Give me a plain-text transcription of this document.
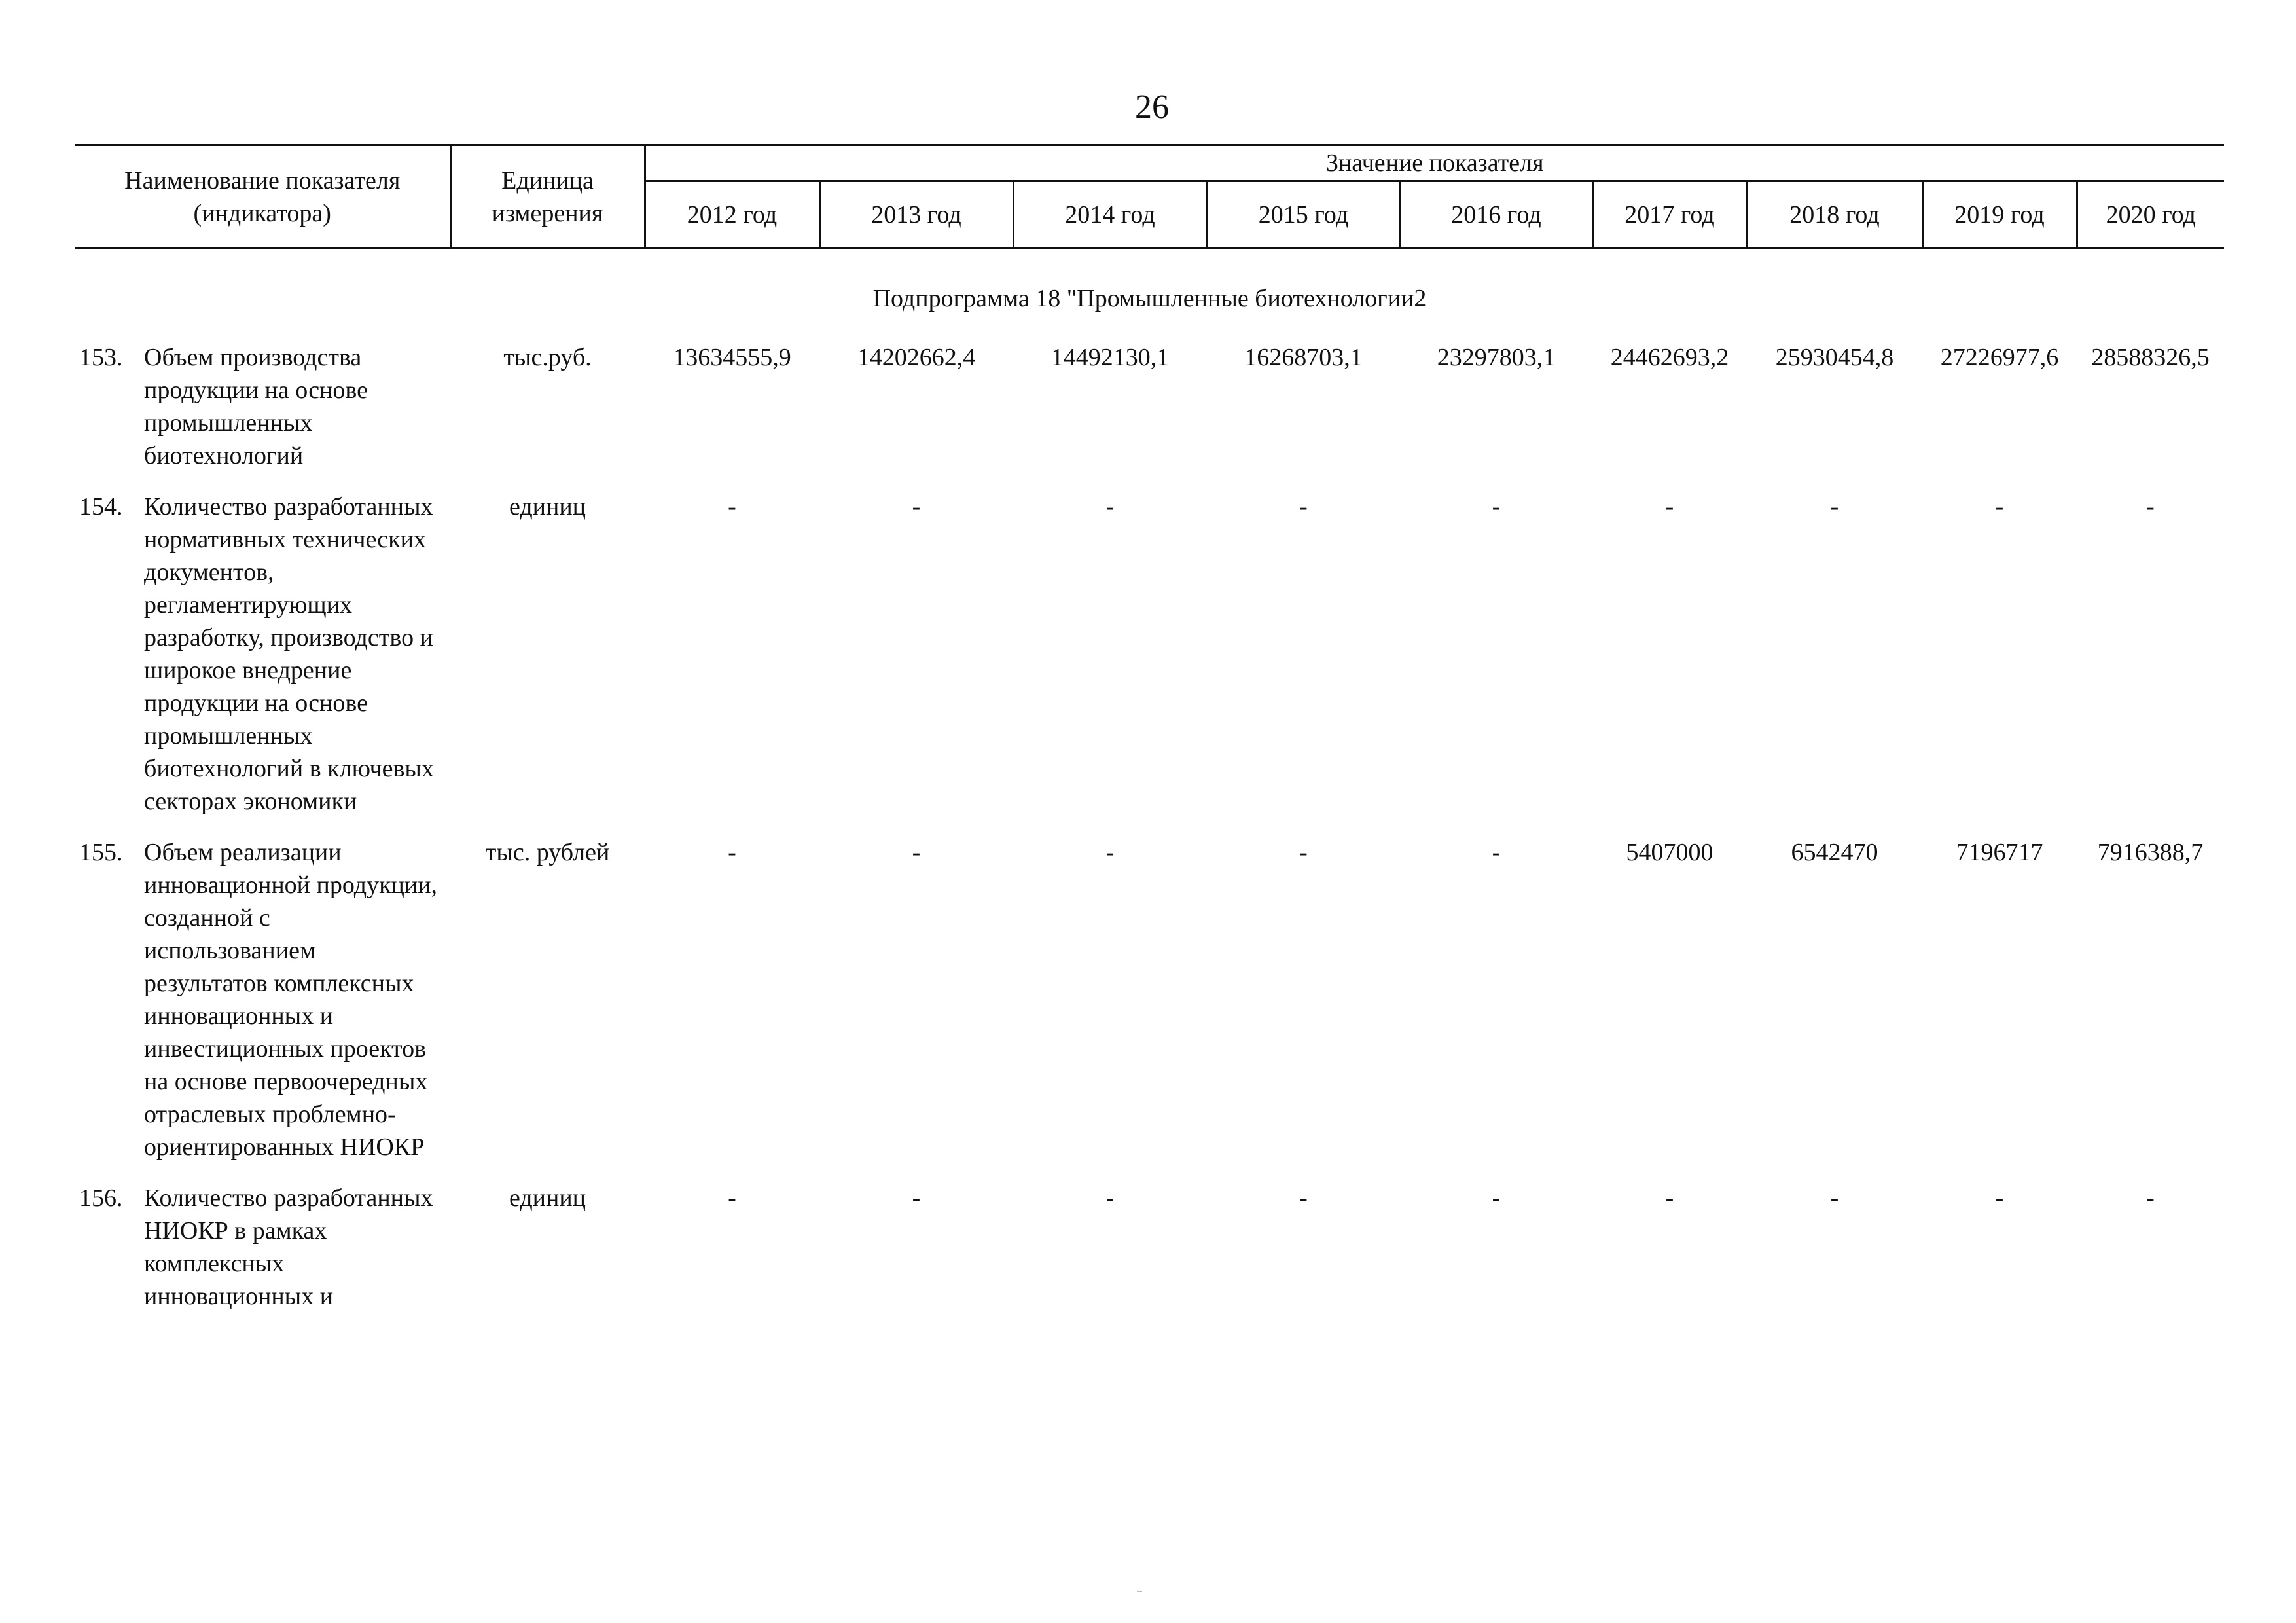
26
Наименование показателя (индикатора)	Единица измерения	Значение показателя								
		2012 год	2013 год	2014 год	2015 год	2016 год	2017 год	2018 год	2019 год	2020 год
Подпрограмма 18 "Промышленные биотехнологии2										

153. Объем производства продукции на основе промышленных биотехнологий	тыс.руб.	13634555,9	14202662,4	14492130,1	16268703,1	23297803,1	24462693,2	25930454,8	27226977,6	28588326,5

154. Количество разработанных нормативных технических документов, регламентирующих разработку, производство и широкое внедрение продукции на основе промышленных биотехнологий в ключевых секторах экономики	единиц	-	-	-	-	-	-	-	-	-

155. Объем реализации инновационной продукции, созданной с использованием результатов комплексных инновационных и инвестиционных проектов на основе первоочередных отраслевых проблемно-ориентированных НИОКР	тыс. рублей	-	-	-	-	-	5407000	6542470	7196717	7916388,7

156. Количество разработанных НИОКР в рамках комплексных инновационных и	единиц	-	-	-	-	-	-	-	-	-
